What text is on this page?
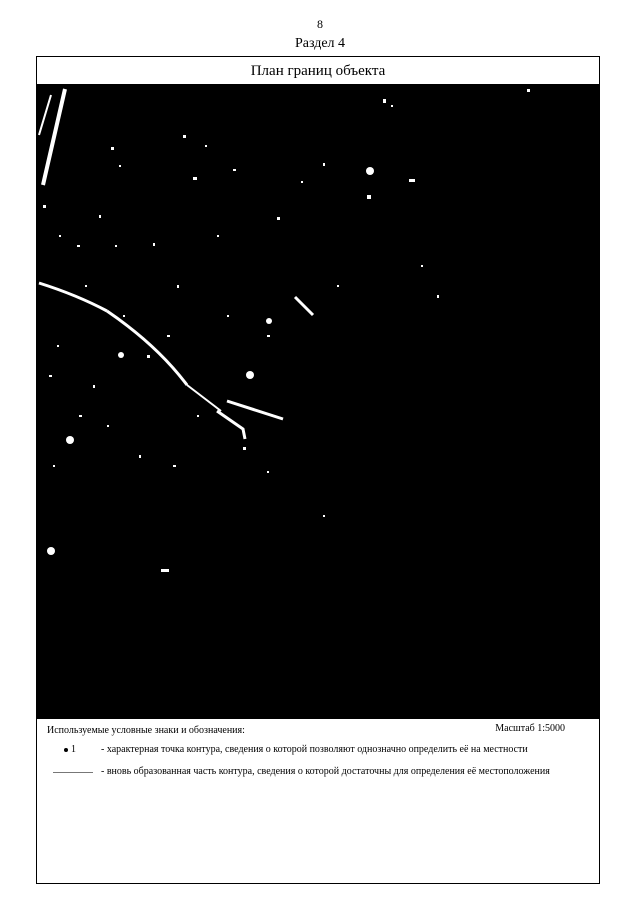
8
Раздел 4
План границ объекта
Используемые условные знаки и обозначения:	Масштаб 1:5000
1	- характерная точка контура, сведения о которой позволяют однозначно определить её на местности
- вновь образованная часть контура, сведения о которой достаточны для определения её местоположения
